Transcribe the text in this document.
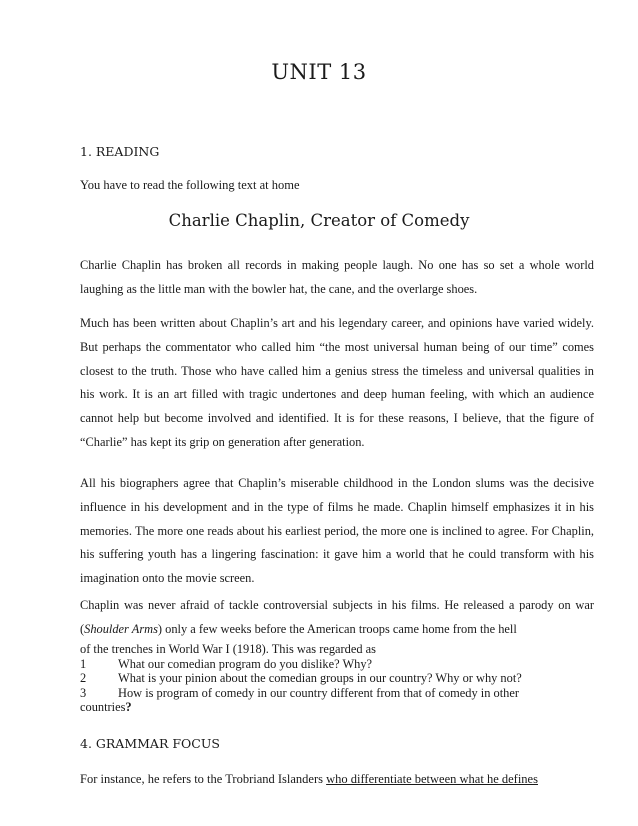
UNIT 13
1. READING
You have to read the following text at home
Charlie Chaplin, Creator of Comedy

Charlie Chaplin has broken all records in making people laugh. No one has so set a whole world laughing as the little man with the bowler hat, the cane, and the overlarge shoes.

Much has been written about Chaplin’s art and his legendary career, and opinions have varied widely. But perhaps the commentator who called him “the most universal human being of our time” comes closest to the truth. Those who have called him a genius stress the timeless and universal qualities in his work. It is an art filled with tragic undertones and deep human feeling, with which an audience cannot help but become involved and identified. It is for these reasons, I believe, that the figure of “Charlie” has kept its grip on generation after generation.

All his biographers agree that Chaplin’s miserable childhood in the London slums was the decisive influence in his development and in the type of films he made. Chaplin himself emphasizes it in his memories. The more one reads about his earliest period, the more one is inclined to agree. For Chaplin, his suffering youth has a lingering fascination: it gave him a world that he could transform with his imagination onto the movie screen.

Chaplin was never afraid of tackle controversial subjects in his films. He released a parody on war (Shoulder Arms) only a few weeks before the American troops came home from the hell

of the trenches in World War I (1918). This was regarded as
1	What our comedian program do you dislike? Why?
2	What is your pinion about the comedian groups in our country? Why or why not?
3	How is program of comedy in our country different from that of comedy in other
countries?
4. GRAMMAR FOCUS
For instance, he refers to the Trobriand Islanders who differentiate between what he defines
